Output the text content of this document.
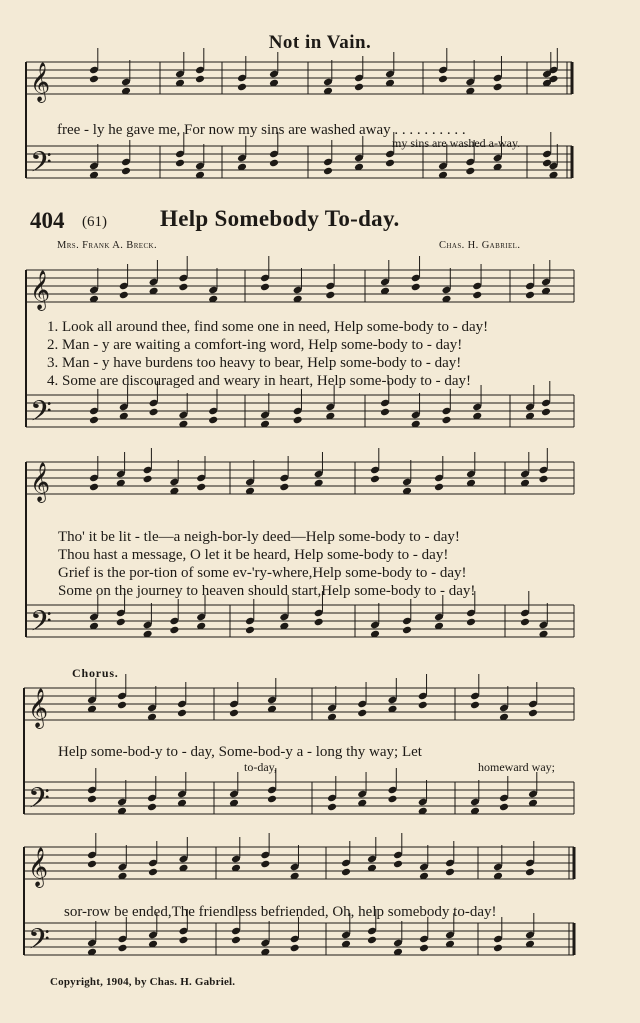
𝄞
𝄢
𝄞
𝄢
𝄞
𝄢
𝄞
𝄢
𝄞
𝄢
Not in Vain.
free - ly he gave me, For now my sins are washed away . . . . . . . . . .
my sins are washed a-way.
404 (61) Help Somebody To-day.
Mrs. Frank A. Breck.	Chas. H. Gabriel.
1. Look all around thee, find some one in need, Help some-body to - day!
2. Man - y are waiting a comfort-ing word, Help some-body to - day!
3. Man - y have burdens too heavy to bear, Help some-body to - day!
4. Some are discouraged and weary in heart, Help some-body to - day!
Tho' it be lit - tle—a neigh-bor-ly deed—Help some-body to - day!
Thou hast a message, O let it be heard, Help some-body to - day!
Grief is the por-tion of some ev-'ry-where,Help some-body to - day!
Some on the journey to heaven should start,Help some-body to - day!
Chorus.
Help some-bod-y to - day, Some-bod-y a - long thy way; Let
to-day,	homeward way;
sor-row be ended,The friendless befriended, Oh, help somebody to-day!
Copyright, 1904, by Chas. H. Gabriel.
